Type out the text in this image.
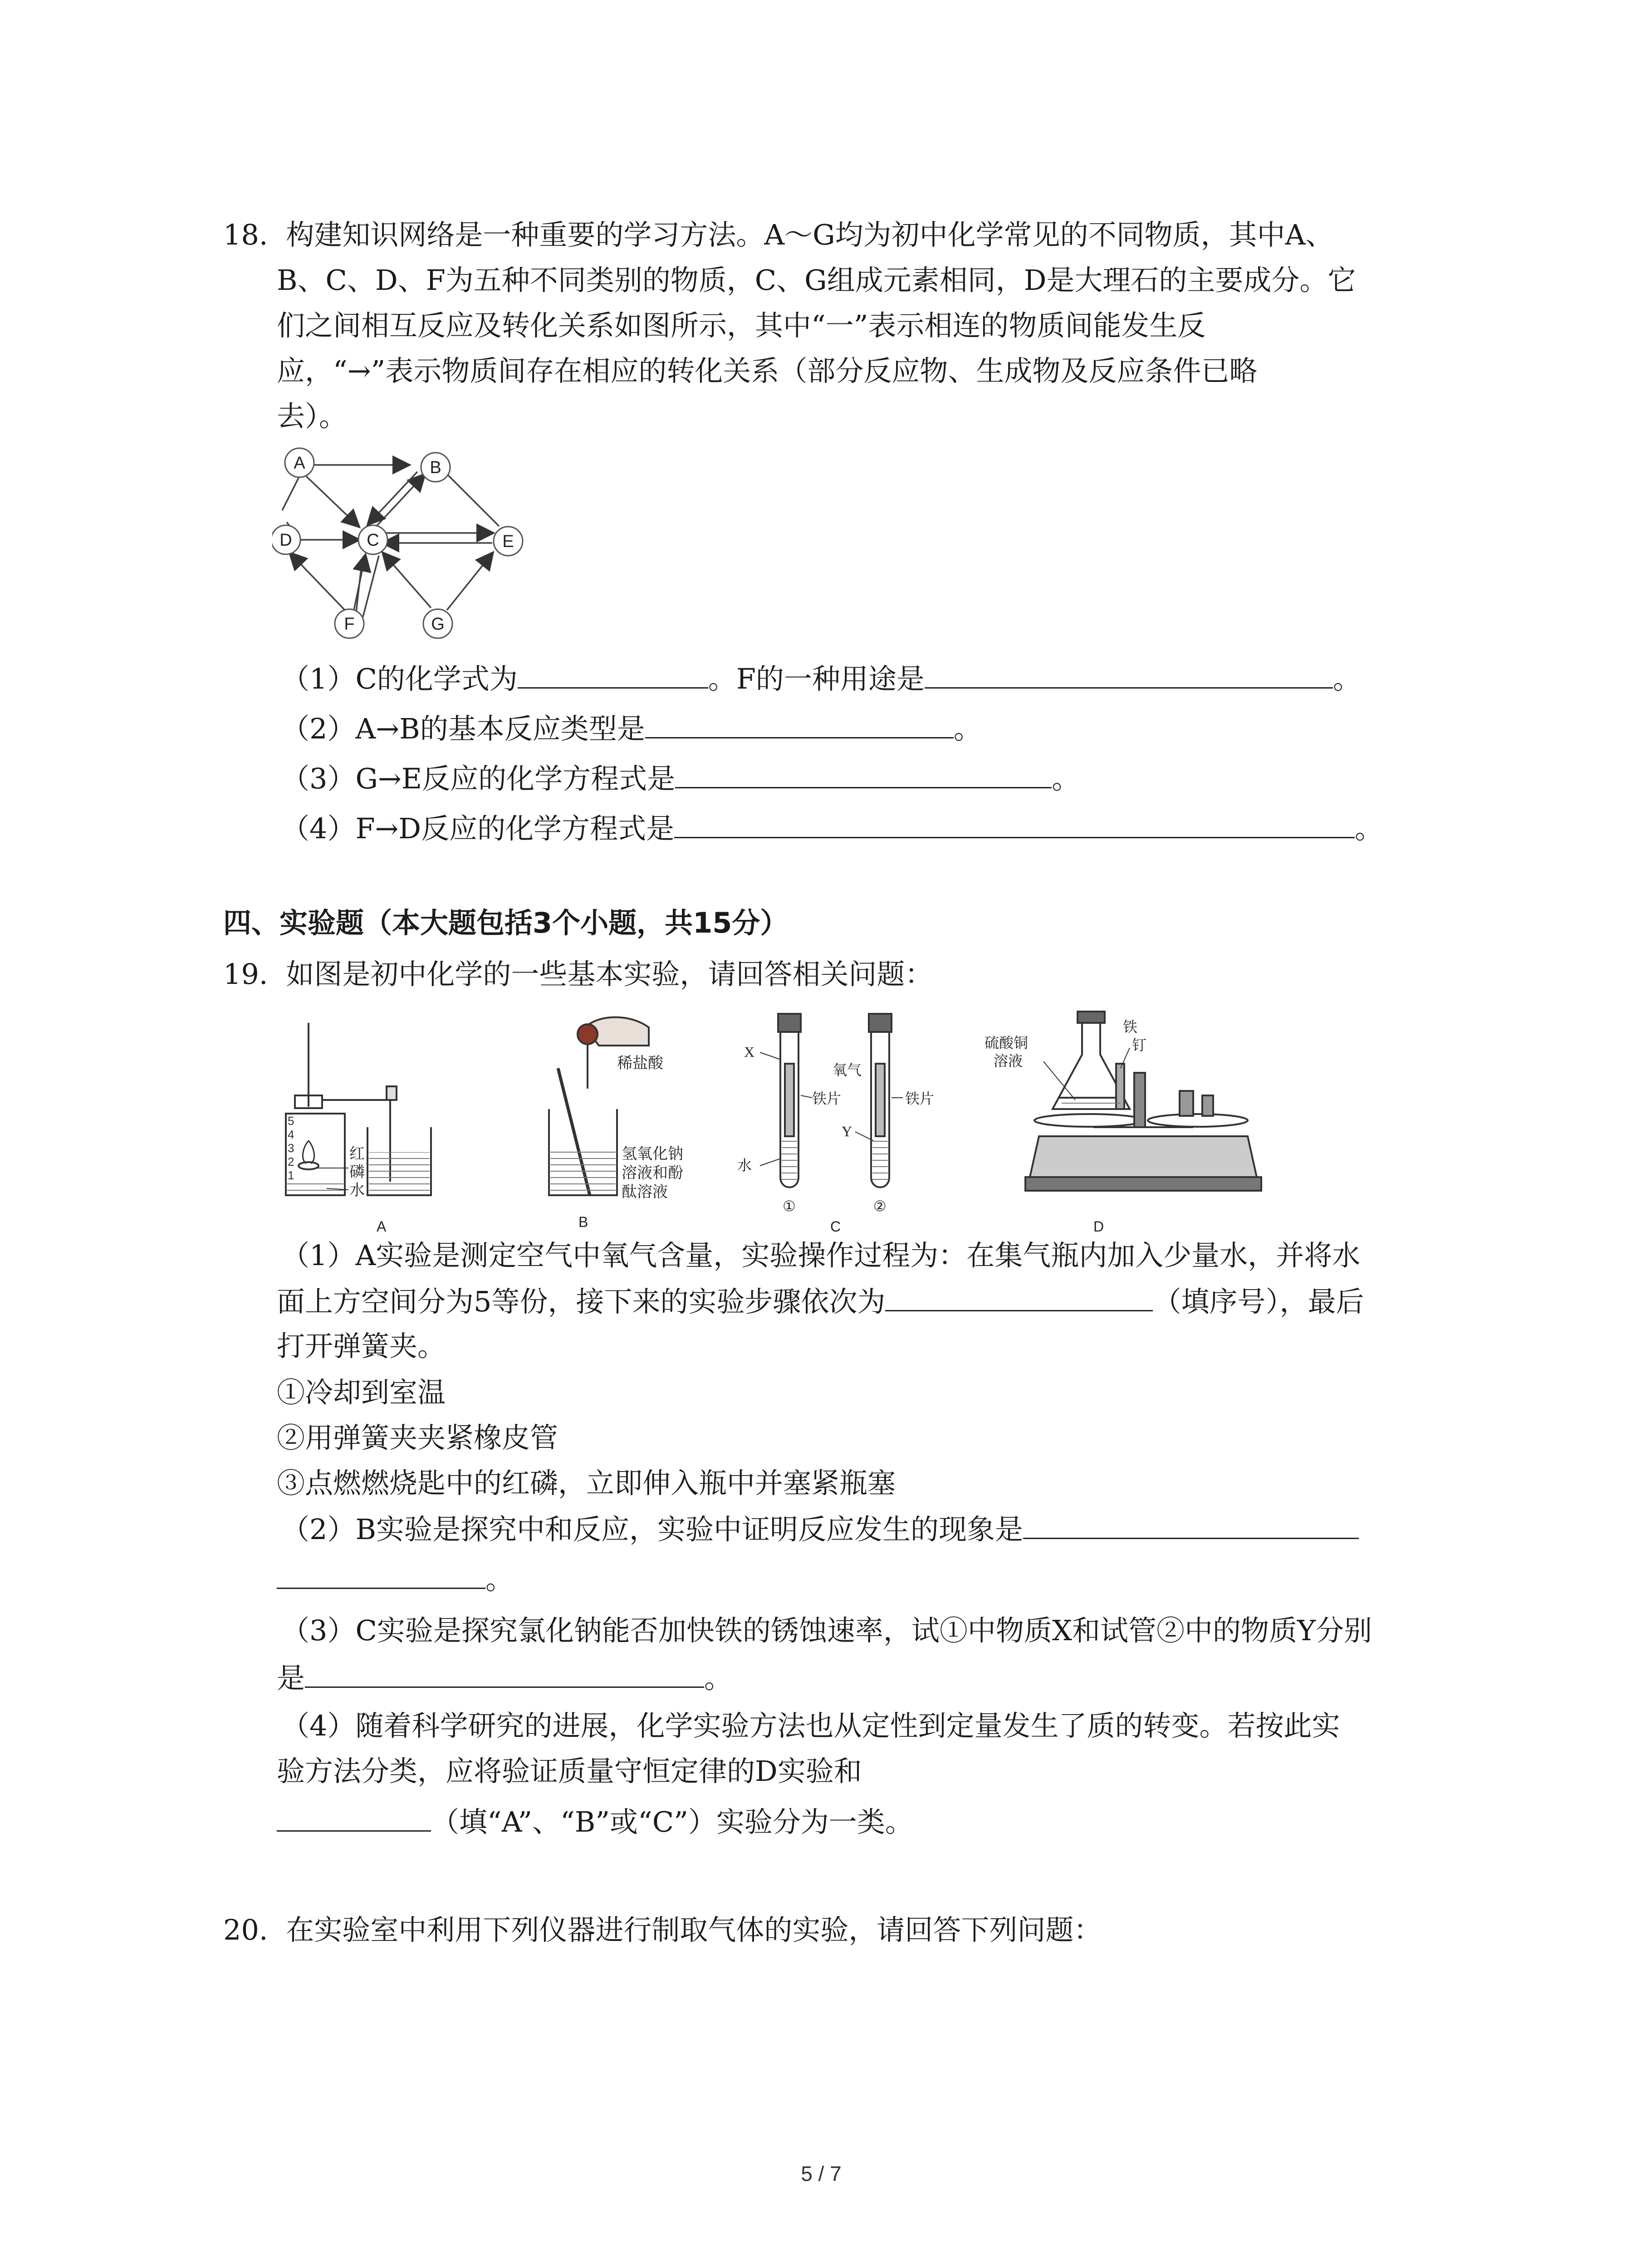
18. 构建知识网络是一种重要的学习方法。A～G均为初中化学常见的不同物质，其中A、
B、C、D、F为五种不同类别的物质，C、G组成元素相同，D是大理石的主要成分。它
们之间相互反应及转化关系如图所示，其中“一”表示相连的物质间能发生反
应，“→”表示物质间存在相应的转化关系（部分反应物、生成物及反应条件已略
去）。
A	B
C
D	E
F	G
（1）C的化学式为	。F的一种用途是	。
（2）A→B的基本反应类型是	。
（3）G→E反应的化学方程式是	。
（4）F→D反应的化学方程式是	。
四、实验题（本大题包括3个小题，共15分）
19. 如图是初中化学的一些基本实验，请回答相关问题：
5
4
3
2
1
红
磷
水
A
稀盐酸
氢氧化钠
溶液和酚
酞溶液
B
X
水
氧气
铁片
Y
铁片
①	②
C
硫酸铜
溶液
铁
钉
D
（1）A实验是测定空气中氧气含量，实验操作过程为：在集气瓶内加入少量水，并将水
面上方空间分为5等份，接下来的实验步骤依次为	（填序号），最后
打开弹簧夹。
①冷却到室温
②用弹簧夹夹紧橡皮管
③点燃燃烧匙中的红磷，立即伸入瓶中并塞紧瓶塞
（2）B实验是探究中和反应，实验中证明反应发生的现象是
。
（3）C实验是探究氯化钠能否加快铁的锈蚀速率，试①中物质X和试管②中的物质Y分别
是	。
（4）随着科学研究的进展，化学实验方法也从定性到定量发生了质的转变。若按此实
验方法分类，应将验证质量守恒定律的D实验和
（填“A”、“B”或“C”）实验分为一类。
20. 在实验室中利用下列仪器进行制取气体的实验，请回答下列问题：
5 / 7
